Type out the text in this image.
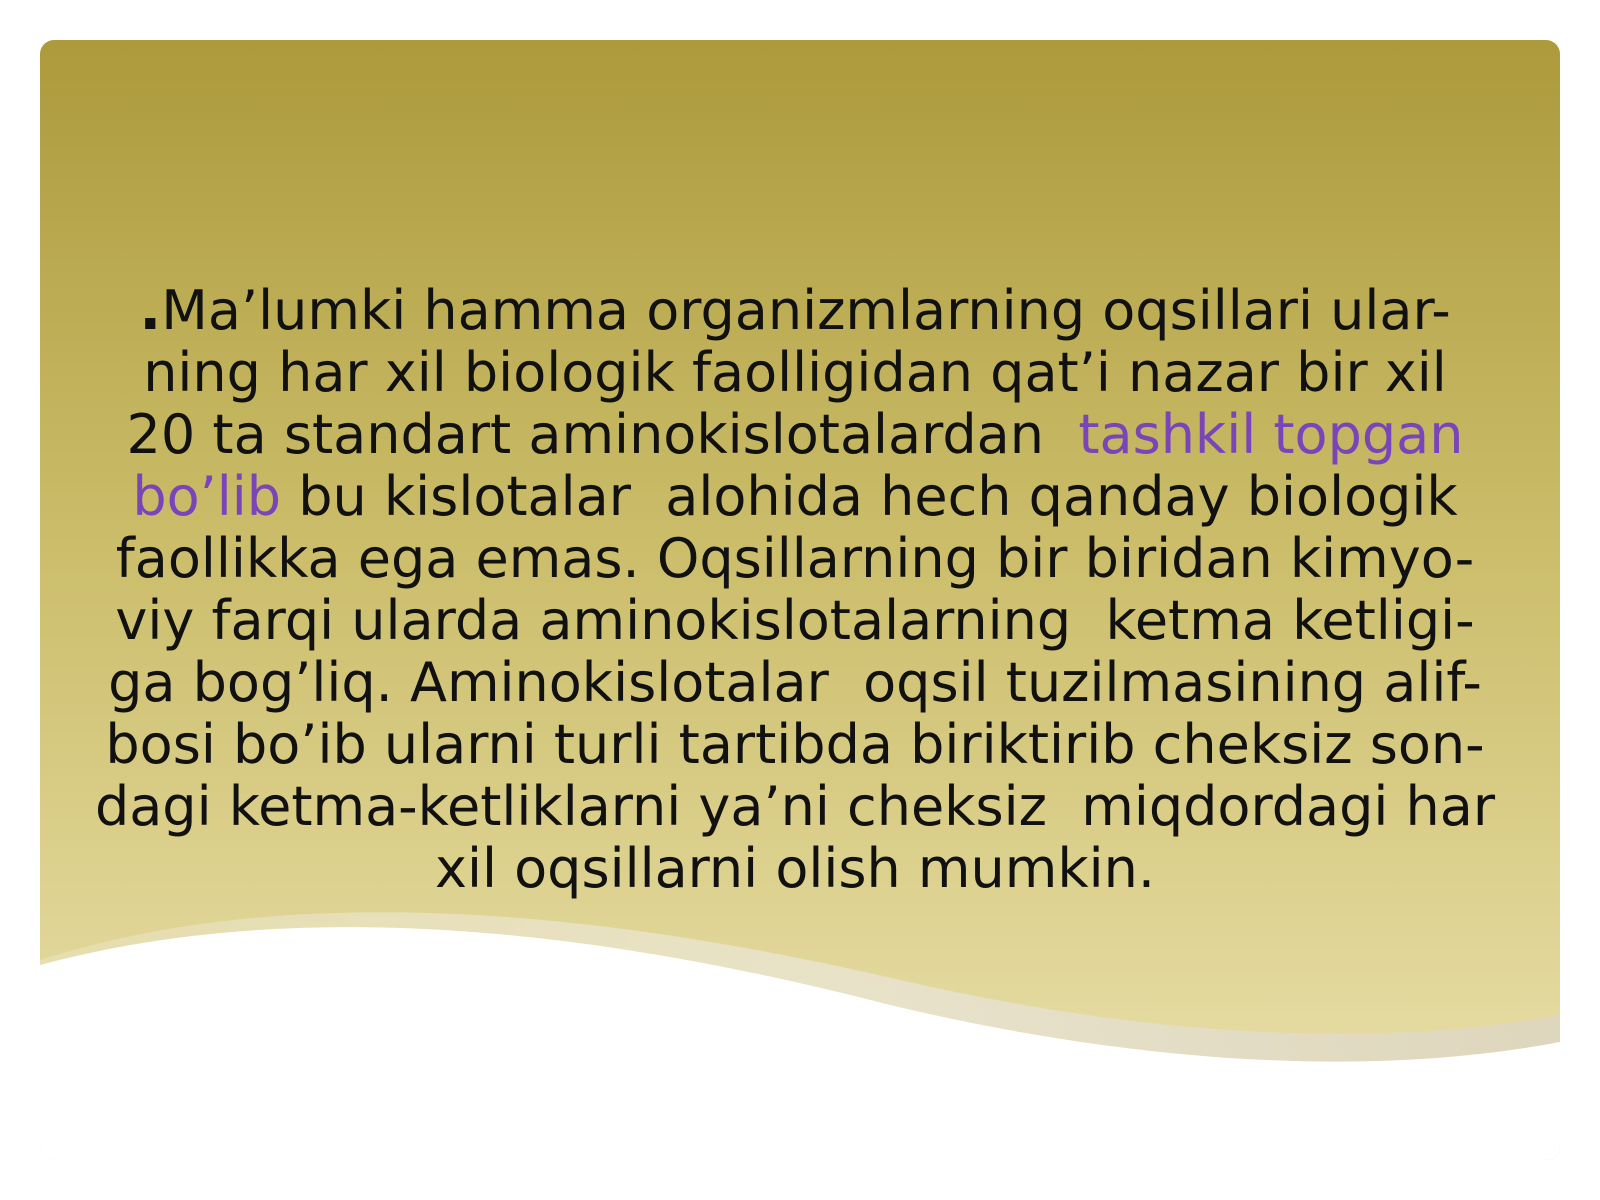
.Ma’lumki hamma organizmlarning oqsillari ular-
ning har xil biologik faolligidan qat’i nazar bir xil
20 ta standart aminokislotalardan  tashkil topgan
bo’lib bu kislotalar  alohida hech qanday biologik
faollikka ega emas. Oqsillarning bir biridan kimyo-
viy farqi ularda aminokislotalarning  ketma ketligi-
ga bog’liq. Aminokislotalar  oqsil tuzilmasining alif-
bosi bo’ib ularni turli tartibda biriktirib cheksiz son-
dagi ketma-ketliklarni ya’ni cheksiz  miqdordagi har
xil oqsillarni olish mumkin.
